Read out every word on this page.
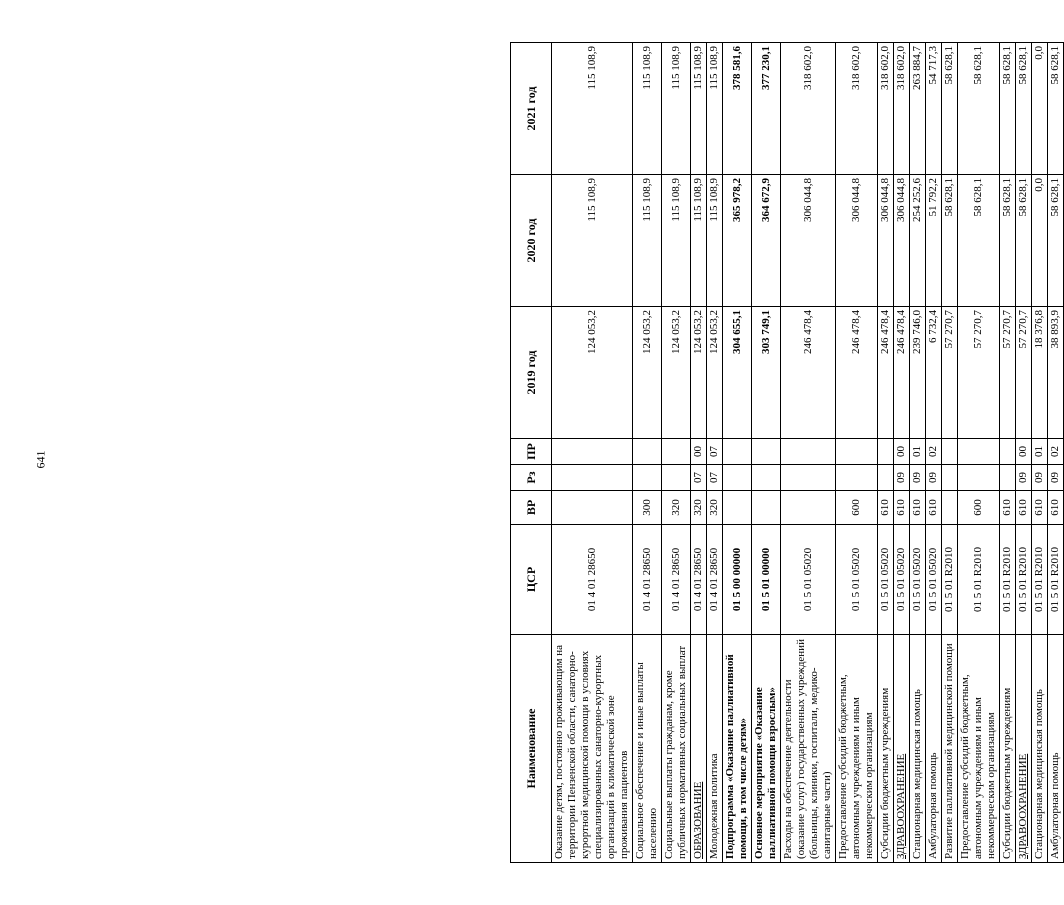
641
Наименование	ЦСР	ВР	Рз	ПР	2019 год	2020 год	2021 год
Оказание детям, постоянно проживающим на территории Пензенской области, санаторно-курортной медицинской помощи в условиях специализированных санаторно-курортных организаций в климатической зоне проживания пациентов	01 4 01 28650				124 053,2	115 108,9	115 108,9
Социальное обеспечение и иные выплаты населению	01 4 01 28650	300			124 053,2	115 108,9	115 108,9
Социальные выплаты гражданам, кроме публичных нормативных социальных выплат	01 4 01 28650	320			124 053,2	115 108,9	115 108,9
ОБРАЗОВАНИЕ	01 4 01 28650	320	07	00	124 053,2	115 108,9	115 108,9
Молодежная политика	01 4 01 28650	320	07	07	124 053,2	115 108,9	115 108,9
Подпрограмма «Оказание паллиативной помощи, в том числе детям»	01 5 00 00000				304 655,1	365 978,2	378 581,6
Основное мероприятие «Оказание паллиативной помощи взрослым»	01 5 01 00000				303 749,1	364 672,9	377 230,1
Расходы на обеспечение деятельности (оказание услуг) государственных учреждений (больницы, клиники, госпитали, медико-санитарные части)	01 5 01 05020				246 478,4	306 044,8	318 602,0
Предоставление субсидий бюджетным, автономным учреждениям и иным некоммерческим организациям	01 5 01 05020	600			246 478,4	306 044,8	318 602,0
Субсидии бюджетным учреждениям	01 5 01 05020	610			246 478,4	306 044,8	318 602,0
ЗДРАВООХРАНЕНИЕ	01 5 01 05020	610	09	00	246 478,4	306 044,8	318 602,0
Стационарная медицинская помощь	01 5 01 05020	610	09	01	239 746,0	254 252,6	263 884,7
Амбулаторная помощь	01 5 01 05020	610	09	02	6 732,4	51 792,2	54 717,3
Развитие паллиативной медицинской помощи	01 5 01 R2010				57 270,7	58 628,1	58 628,1
Предоставление субсидий бюджетным, автономным учреждениям и иным некоммерческим организациям	01 5 01 R2010	600			57 270,7	58 628,1	58 628,1
Субсидии бюджетным учреждениям	01 5 01 R2010	610			57 270,7	58 628,1	58 628,1
ЗДРАВООХРАНЕНИЕ	01 5 01 R2010	610	09	00	57 270,7	58 628,1	58 628,1
Стационарная медицинская помощь	01 5 01 R2010	610	09	01	18 376,8	0,0	0,0
Амбулаторная помощь	01 5 01 R2010	610	09	02	38 893,9	58 628,1	58 628,1
